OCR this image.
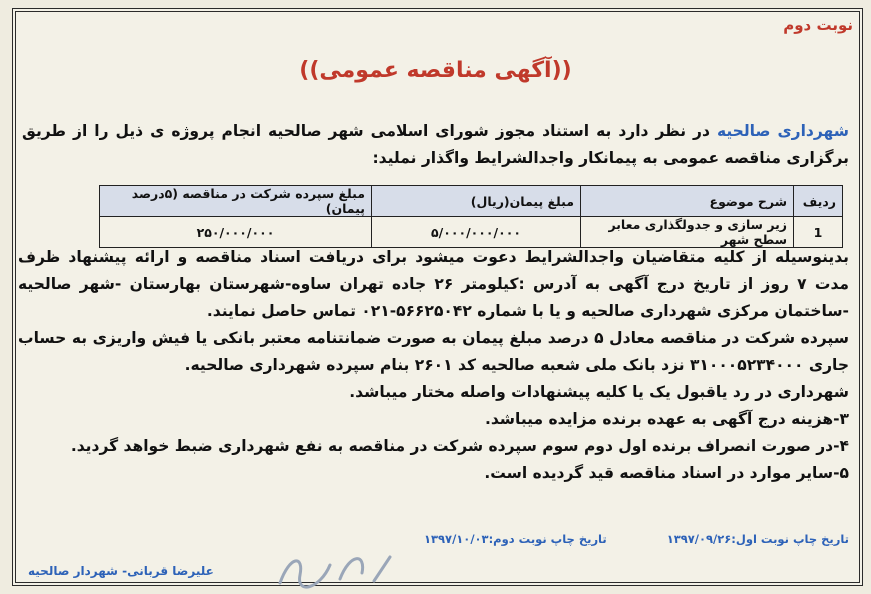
نوبت دوم
((آگهی مناقصه عمومی))
شهرداری صالحیه در نظر دارد به استناد مجوز شورای اسلامی شهر صالحیه انجام پروژه ی ذیل را از طریق برگزاری مناقصه عمومی به پیمانکار واجدالشرایط واگذار نملید:
ردیف	شرح موضوع	مبلغ پیمان(ریال)	مبلغ سپرده شرکت در مناقصه (۵درصد پیمان)
1	زیر سازی و جدولگذاری معابر سطح شهر	۵/۰۰۰/۰۰۰/۰۰۰	۲۵۰/۰۰۰/۰۰۰

بدینوسیله از کلیه متقاضیان واجدالشرایط دعوت میشود برای دریافت اسناد مناقصه و ارائه پیشنهاد ظرف مدت ۷ روز از تاریخ درج آگهی به آدرس :کیلومتر ۲۶ جاده تهران ساوه-شهرستان بهارستان -شهر صالحیه -ساختمان مرکزی شهرداری صالحیه و یا با شماره ۵۶۶۲۵۰۴۲-۰۲۱ تماس حاصل نمایند.

سپرده شرکت در مناقصه معادل ۵ درصد مبلغ پیمان به صورت ضمانتنامه معتبر بانکی یا فیش واریزی به حساب جاری ۳۱۰۰۰۵۲۳۴۰۰۰ نزد بانک ملی شعبه صالحیه کد ۲۶۰۱ بنام سپرده شهرداری صالحیه.

شهرداری در رد یاقبول یک یا کلیه پیشنهادات واصله مختار میباشد.

۳-هزینه درج آگهی به عهده برنده مزایده میباشد.

۴-در صورت انصراف برنده اول دوم سوم سپرده شرکت در مناقصه به نفع شهرداری ضبط خواهد گردید.

۵-سایر موارد در اسناد مناقصه قید گردیده است.

تاریخ چاپ نوبت اول:۱۳۹۷/۰۹/۲۶تاریخ چاپ نوبت دوم:۱۳۹۷/۱۰/۰۳
علیرضا قربانی- شهردار صالحیه
